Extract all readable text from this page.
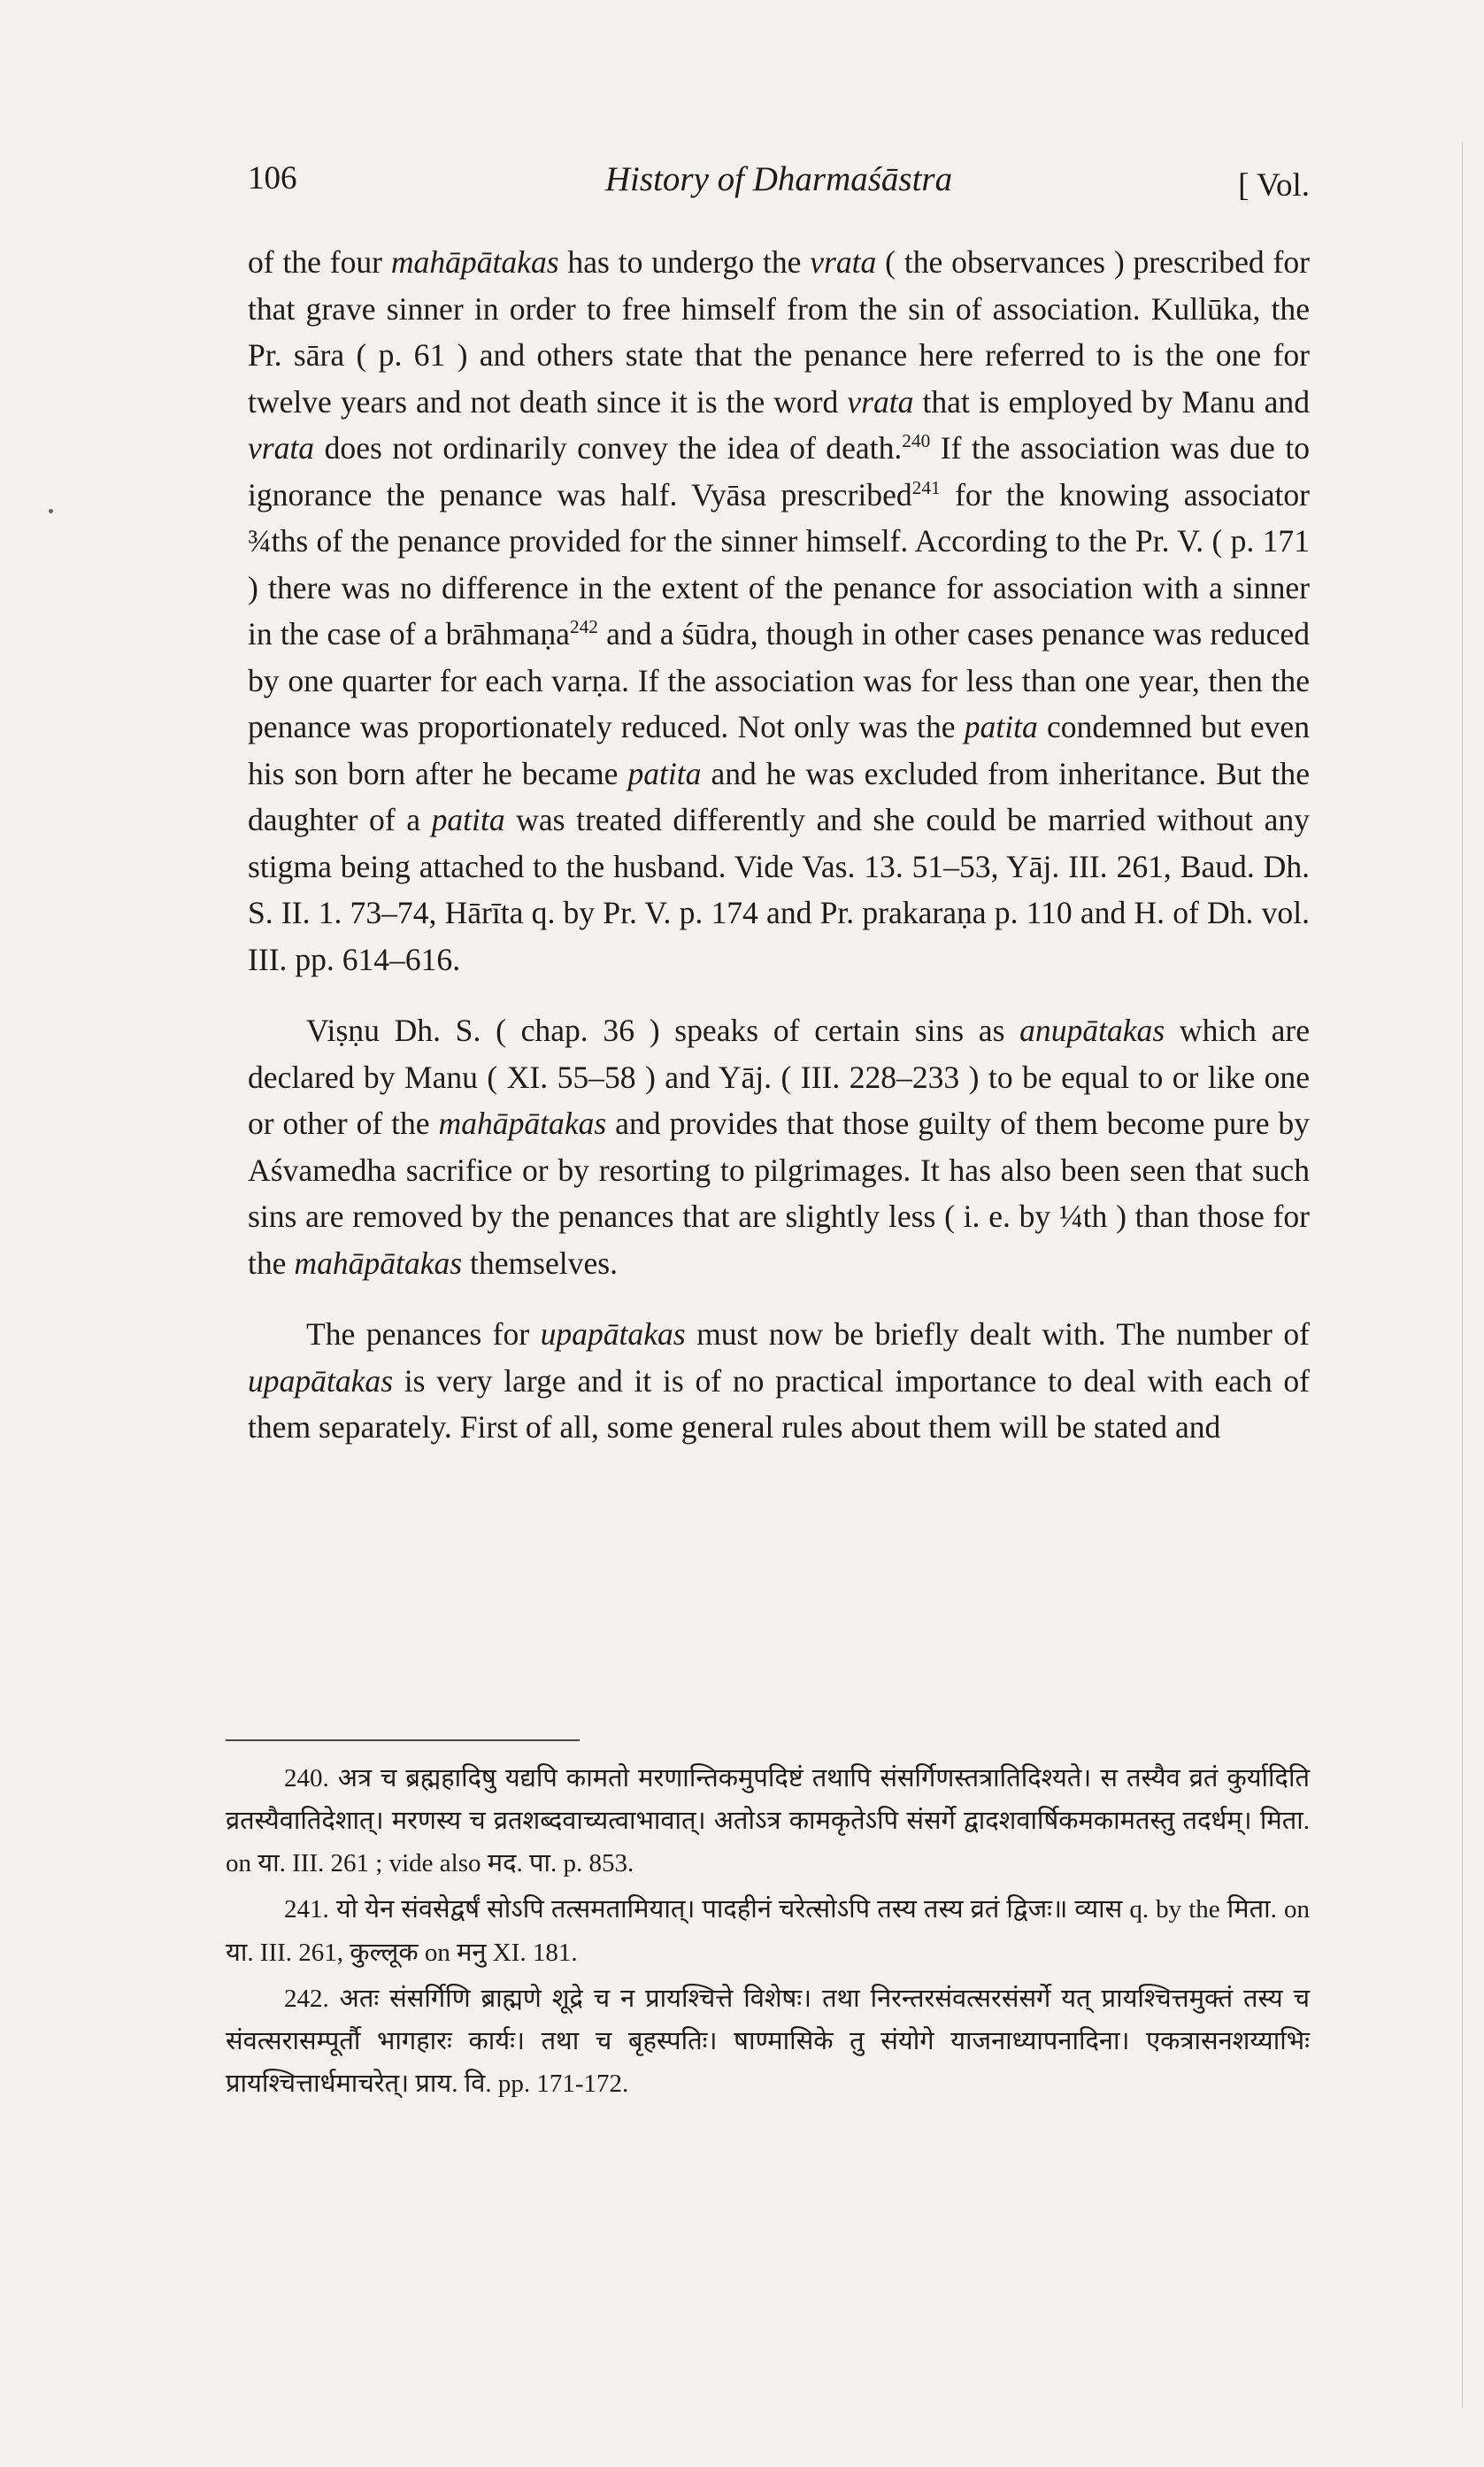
106	History of Dharmaśāstra	[ Vol.

of the four mahāpātakas has to undergo the vrata ( the observances ) prescribed for that grave sinner in order to free himself from the sin of association. Kullūka, the Pr. sāra ( p. 61 ) and others state that the penance here referred to is the one for twelve years and not death since it is the word vrata that is employed by Manu and vrata does not ordinarily convey the idea of death.$^{240}$ If the association was due to ignorance the penance was half. Vyāsa prescribed$^{241}$ for the knowing associator ¾ths of the penance provided for the sinner himself. According to the Pr. V. ( p. 171 ) there was no difference in the extent of the penance for association with a sinner in the case of a brāhmaṇa$^{242}$ and a śūdra, though in other cases penance was reduced by one quarter for each varṇa. If the association was for less than one year, then the penance was proportionately reduced. Not only was the patita condemned but even his son born after he became patita and he was excluded from inheritance. But the daughter of a patita was treated differently and she could be married without any stigma being attached to the husband. Vide Vas. 13. 51–53, Yāj. III. 261, Baud. Dh. S. II. 1. 73–74, Hārīta q. by Pr. V. p. 174 and Pr. prakaraṇa p. 110 and H. of Dh. vol. III. pp. 614–616.

Viṣṇu Dh. S. ( chap. 36 ) speaks of certain sins as anupātakas which are declared by Manu ( XI. 55–58 ) and Yāj. ( III. 228–233 ) to be equal to or like one or other of the mahāpātakas and provides that those guilty of them become pure by Aśvamedha sacrifice or by resorting to pilgrimages. It has also been seen that such sins are removed by the penances that are slightly less ( i. e. by ¼th ) than those for the mahāpātakas themselves.

The penances for upapātakas must now be briefly dealt with. The number of upapātakas is very large and it is of no practical importance to deal with each of them separately. First of all, some general rules about them will be stated and

240. अत्र च ब्रह्महादिषु यद्यपि कामतो मरणान्तिकमुपदिष्टं तथापि संसर्गिणस्तत्रातिदिश्यते। स तस्यैव व्रतं कुर्यादिति व्रतस्यैवातिदेशात्। मरणस्य च व्रतशब्दवाच्यत्वाभावात्। अतोऽत्र कामकृतेऽपि संसर्गे द्वादशवार्षिकमकामतस्तु तदर्धम्। मिता. on या. III. 261 ; vide also मद. पा. p. 853.

241. यो येन संवसेद्वर्षं सोऽपि तत्समतामियात्। पादहीनं चरेत्सोऽपि तस्य तस्य व्रतं द्विजः॥ व्यास q. by the मिता. on या. III. 261, कुल्लूक on मनु XI. 181.

242. अतः संसर्गिणि ब्राह्मणे शूद्रे च न प्रायश्चित्ते विशेषः। तथा निरन्तरसंवत्सरसंसर्गे यत् प्रायश्चित्तमुक्तं तस्य च संवत्सरासम्पूर्तौ भागहारः कार्यः। तथा च बृहस्पतिः। षाण्मासिके तु संयोगे याजनाध्यापनादिना। एकत्रासनशय्याभिः प्रायश्चित्तार्धमाचरेत्। प्राय. वि. pp. 171-172.
